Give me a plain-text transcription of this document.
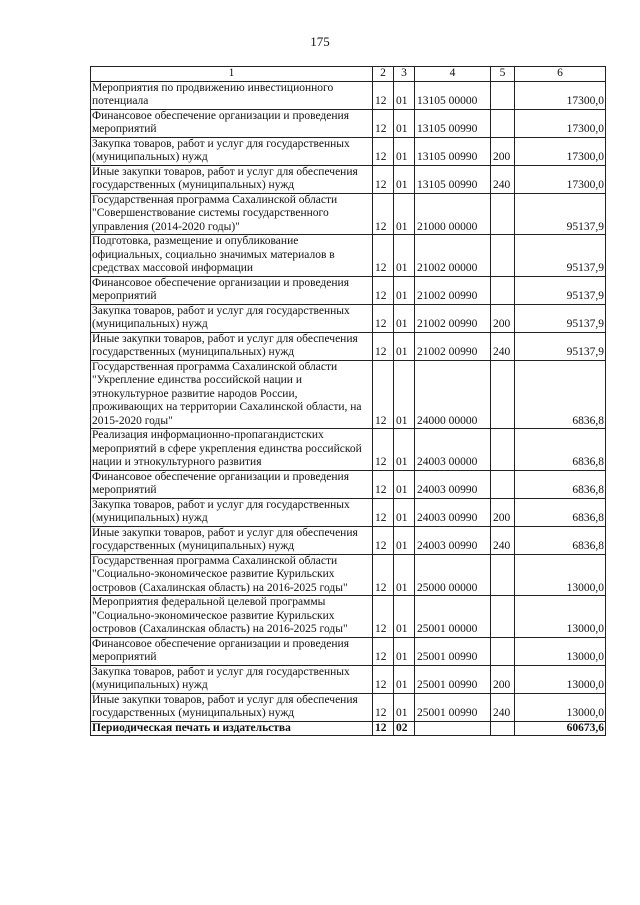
175
1	2	3	4	5	6
Мероприятия по продвижению инвестиционного потенциала	12	01	13105 00000		17300,0
Финансовое обеспечение организации и проведения мероприятий	12	01	13105 00990		17300,0
Закупка товаров, работ и услуг для государственных (муниципальных) нужд	12	01	13105 00990	200	17300,0
Иные закупки товаров, работ и услуг для обеспечения государственных (муниципальных) нужд	12	01	13105 00990	240	17300,0
Государственная программа Сахалинской области "Совершенствование системы государственного управления (2014-2020 годы)"	12	01	21000 00000		95137,9
Подготовка, размещение и опубликование официальных, социально значимых материалов в средствах массовой информации	12	01	21002 00000		95137,9
Финансовое обеспечение организации и проведения мероприятий	12	01	21002 00990		95137,9
Закупка товаров, работ и услуг для государственных (муниципальных) нужд	12	01	21002 00990	200	95137,9
Иные закупки товаров, работ и услуг для обеспечения государственных (муниципальных) нужд	12	01	21002 00990	240	95137,9
Государственная программа Сахалинской области "Укрепление единства российской нации и этнокультурное развитие народов России, проживающих на территории Сахалинской области, на 2015-2020 годы"	12	01	24000 00000		6836,8
Реализация информационно-пропагандистских мероприятий в сфере укрепления единства российской нации и этнокультурного развития	12	01	24003 00000		6836,8
Финансовое обеспечение организации и проведения мероприятий	12	01	24003 00990		6836,8
Закупка товаров, работ и услуг для государственных (муниципальных) нужд	12	01	24003 00990	200	6836,8
Иные закупки товаров, работ и услуг для обеспечения государственных (муниципальных) нужд	12	01	24003 00990	240	6836,8
Государственная программа Сахалинской области "Социально-экономическое развитие Курильских островов (Сахалинская область) на 2016-2025 годы"	12	01	25000 00000		13000,0
Мероприятия федеральной целевой программы "Социально-экономическое развитие Курильских островов (Сахалинская область) на 2016-2025 годы"	12	01	25001 00000		13000,0
Финансовое обеспечение организации и проведения мероприятий	12	01	25001 00990		13000,0
Закупка товаров, работ и услуг для государственных (муниципальных) нужд	12	01	25001 00990	200	13000,0
Иные закупки товаров, работ и услуг для обеспечения государственных (муниципальных) нужд	12	01	25001 00990	240	13000,0
Периодическая печать и издательства	12	02			60673,6
